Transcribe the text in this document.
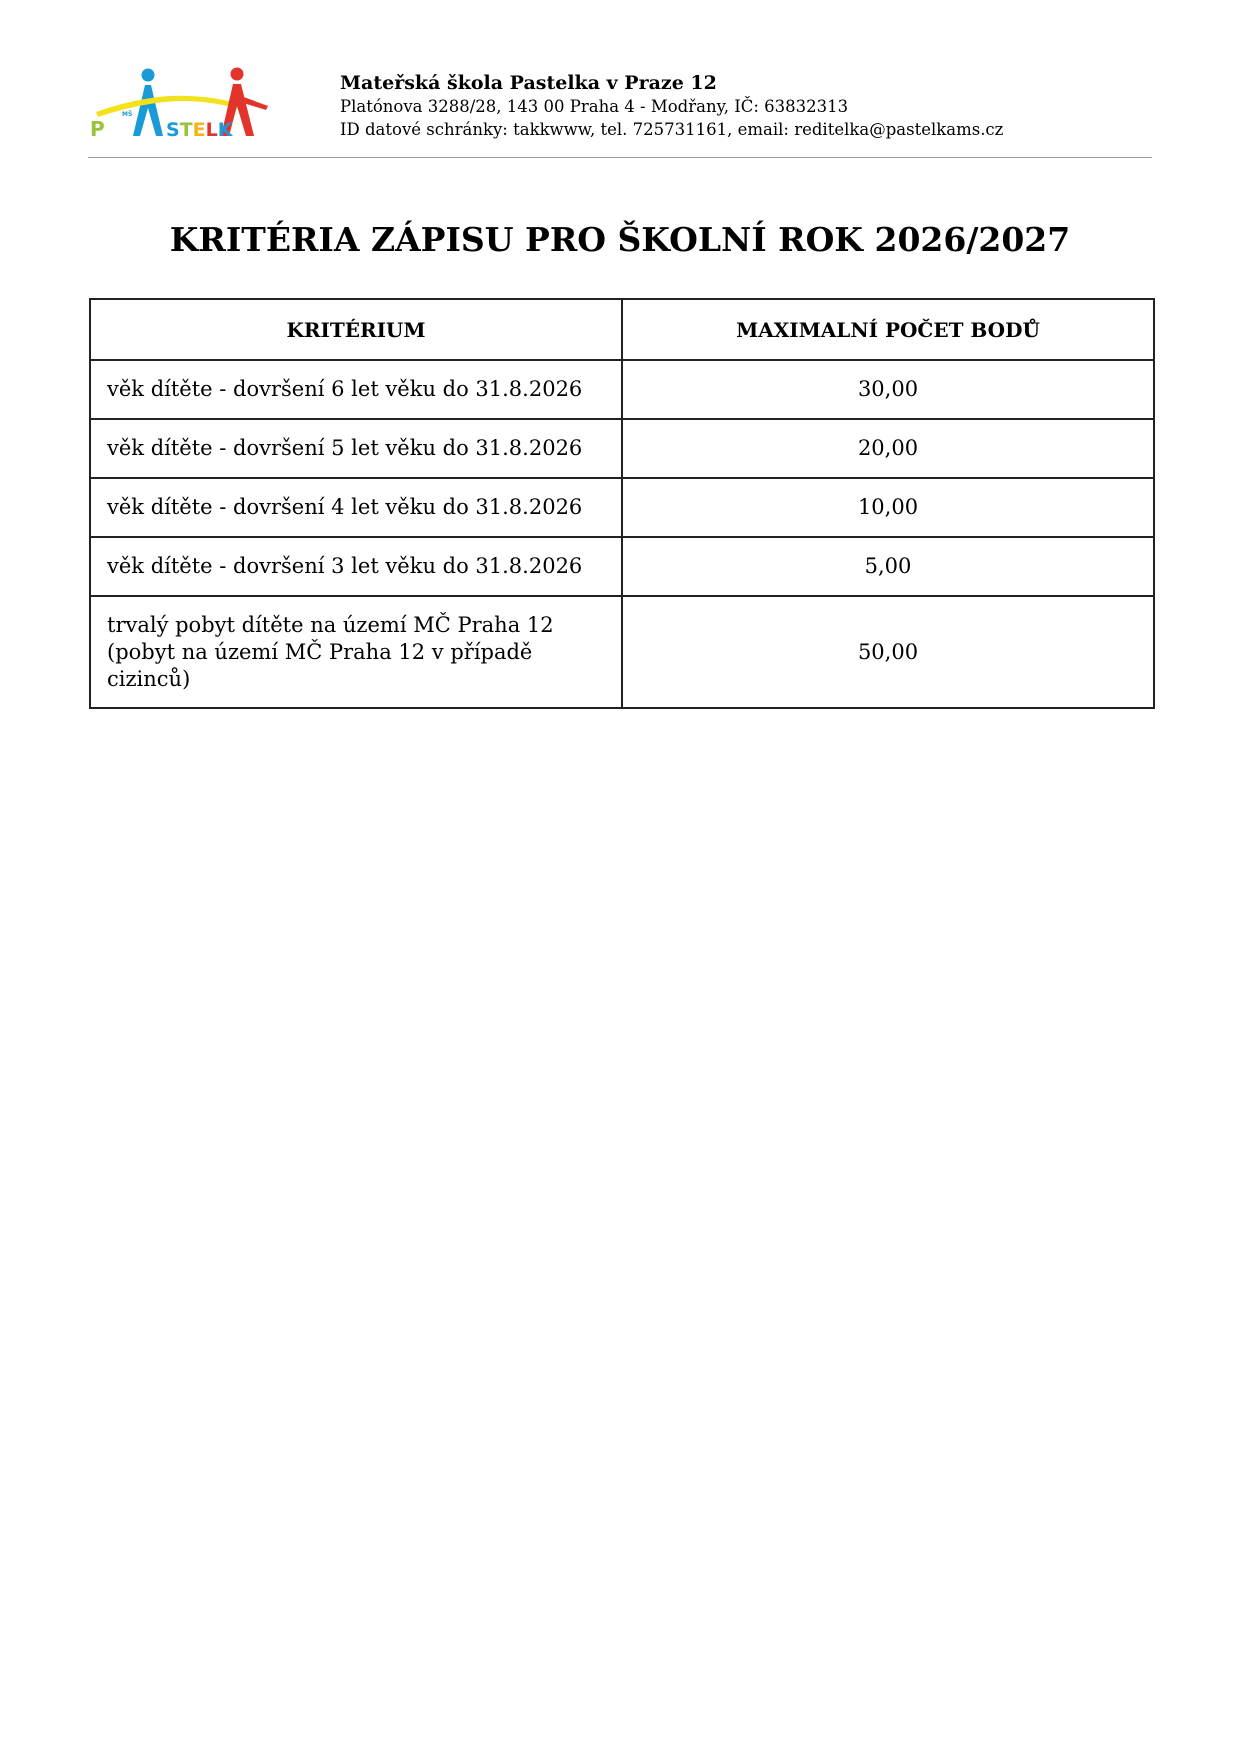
MŠ
P	STELK
Mateřská škola Pastelka v Praze 12
Platónova 3288/28, 143 00 Praha 4 - Modřany, IČ: 63832313
ID datové schránky: takkwww, tel. 725731161, email: reditelka@pastelkams.cz
KRITÉRIA ZÁPISU PRO ŠKOLNÍ ROK 2026/2027
KRITÉRIUM	MAXIMALNÍ POČET BODŮ
věk dítěte - dovršení 6 let věku do 31.8.2026	30,00
věk dítěte - dovršení 5 let věku do 31.8.2026	20,00
věk dítěte - dovršení 4 let věku do 31.8.2026	10,00
věk dítěte - dovršení 3 let věku do 31.8.2026	5,00
trvalý pobyt dítěte na území MČ Praha 12 (pobyt na území MČ Praha 12 v případě cizinců)	50,00
